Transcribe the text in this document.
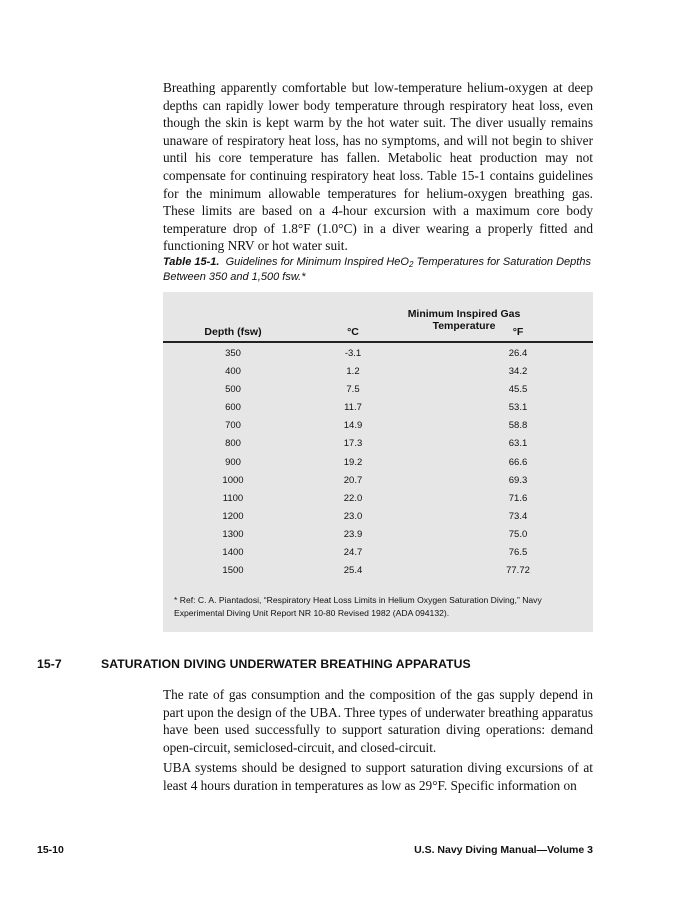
Breathing apparently comfortable but low-temperature helium-oxygen at deep depths can rapidly lower body temperature through respiratory heat loss, even though the skin is kept warm by the hot water suit. The diver usually remains unaware of respiratory heat loss, has no symptoms, and will not begin to shiver until his core temperature has fallen. Metabolic heat production may not compensate for continuing respiratory heat loss. Table 15-1 contains guidelines for the minimum allowable temperatures for helium-oxygen breathing gas. These limits are based on a 4-hour excursion with a maximum core body temperature drop of 1.8°F (1.0°C) in a diver wearing a properly fitted and functioning NRV or hot water suit.

Table 15-1. Guidelines for Minimum Inspired HeO$_2$ Temperatures for Saturation Depths Between 350 and 1,500 fsw.*

Minimum Inspired Gas Temperature
Depth (fsw)	°C	°F
350	-3.1	26.4
400	1.2	34.2
500	7.5	45.5
600	11.7	53.1
700	14.9	58.8
800	17.3	63.1
900	19.2	66.6
1000	20.7	69.3
1100	22.0	71.6
1200	23.0	73.4
1300	23.9	75.0
1400	24.7	76.5
1500	25.4	77.72

* Ref: C. A. Piantadosi, “Respiratory Heat Loss Limits in Helium Oxygen Saturation Diving,” Navy Experimental Diving Unit Report NR 10-80 Revised 1982 (ADA 094132).

15-7	SATURATION DIVING UNDERWATER BREATHING APPARATUS

The rate of gas consumption and the composition of the gas supply depend in part upon the design of the UBA. Three types of underwater breathing apparatus have been used successfully to support saturation diving operations: demand open-circuit, semiclosed-circuit, and closed-circuit.

UBA systems should be designed to support saturation diving excursions of at least 4 hours duration in temperatures as low as 29°F. Specific information on

15-10	U.S. Navy Diving Manual—Volume 3
